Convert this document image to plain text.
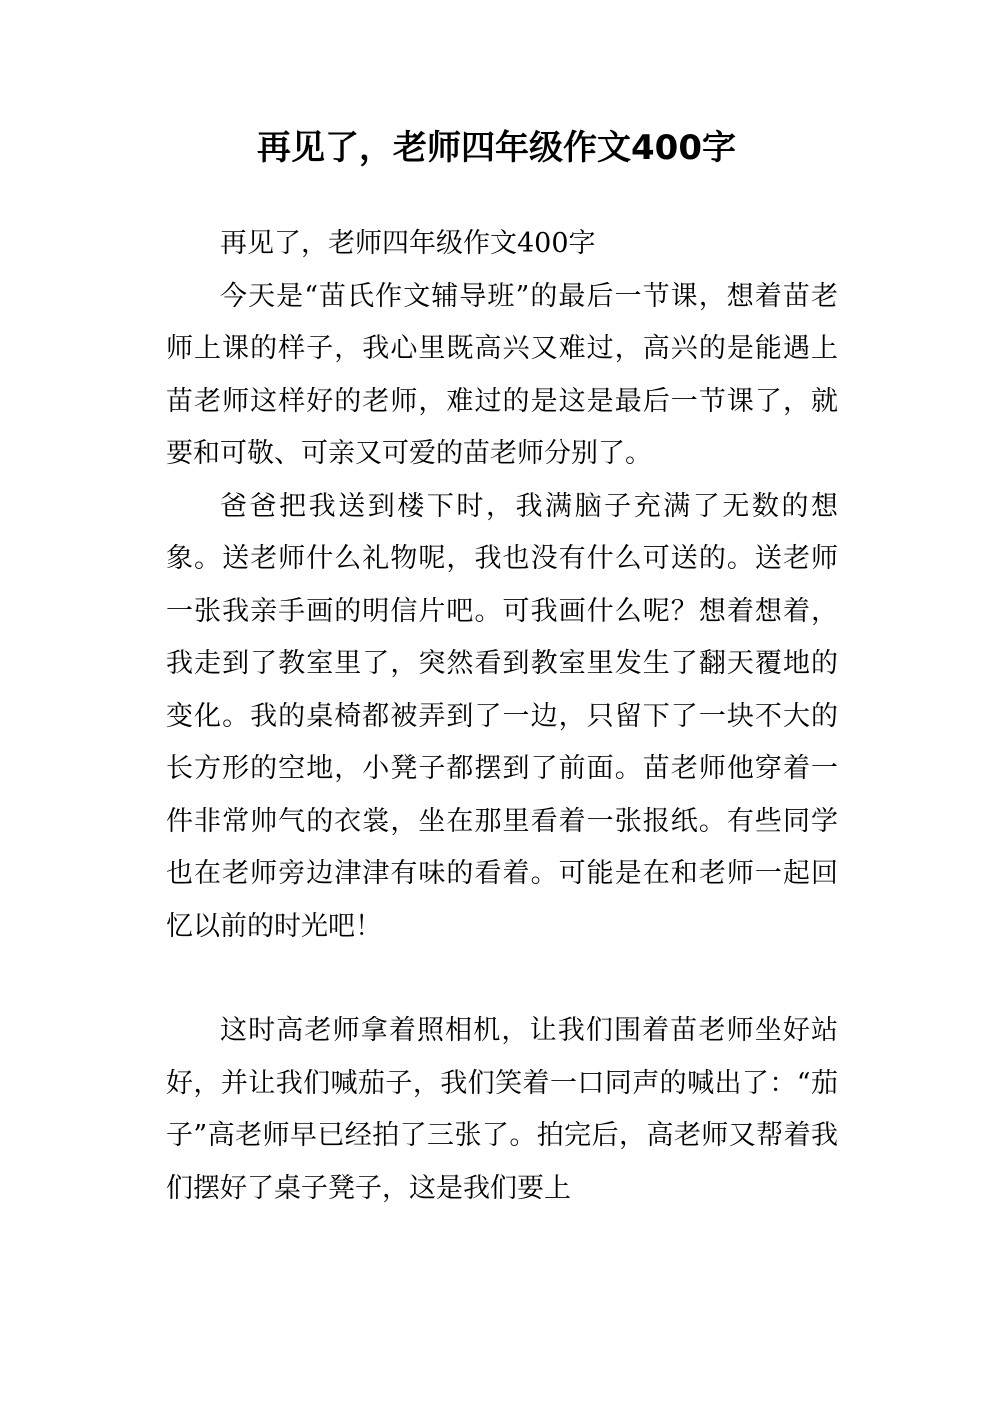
再见了，老师四年级作文400字

再见了，老师四年级作文400字

今天是“苗氏作文辅导班”的最后一节课，想着苗老师上课的样子，我心里既高兴又难过，高兴的是能遇上苗老师这样好的老师，难过的是这是最后一节课了，就要和可敬、可亲又可爱的苗老师分别了。

爸爸把我送到楼下时，我满脑子充满了无数的想象。送老师什么礼物呢，我也没有什么可送的。送老师一张我亲手画的明信片吧。可我画什么呢？想着想着，我走到了教室里了，突然看到教室里发生了翻天覆地的变化。我的桌椅都被弄到了一边，只留下了一块不大的长方形的空地，小凳子都摆到了前面。苗老师他穿着一件非常帅气的衣裳，坐在那里看着一张报纸。有些同学也在老师旁边津津有味的看着。可能是在和老师一起回忆以前的时光吧！

这时高老师拿着照相机，让我们围着苗老师坐好站好，并让我们喊茄子，我们笑着一口同声的喊出了：“茄子”高老师早已经拍了三张了。拍完后，高老师又帮着我们摆好了桌子凳子，这是我们要上
